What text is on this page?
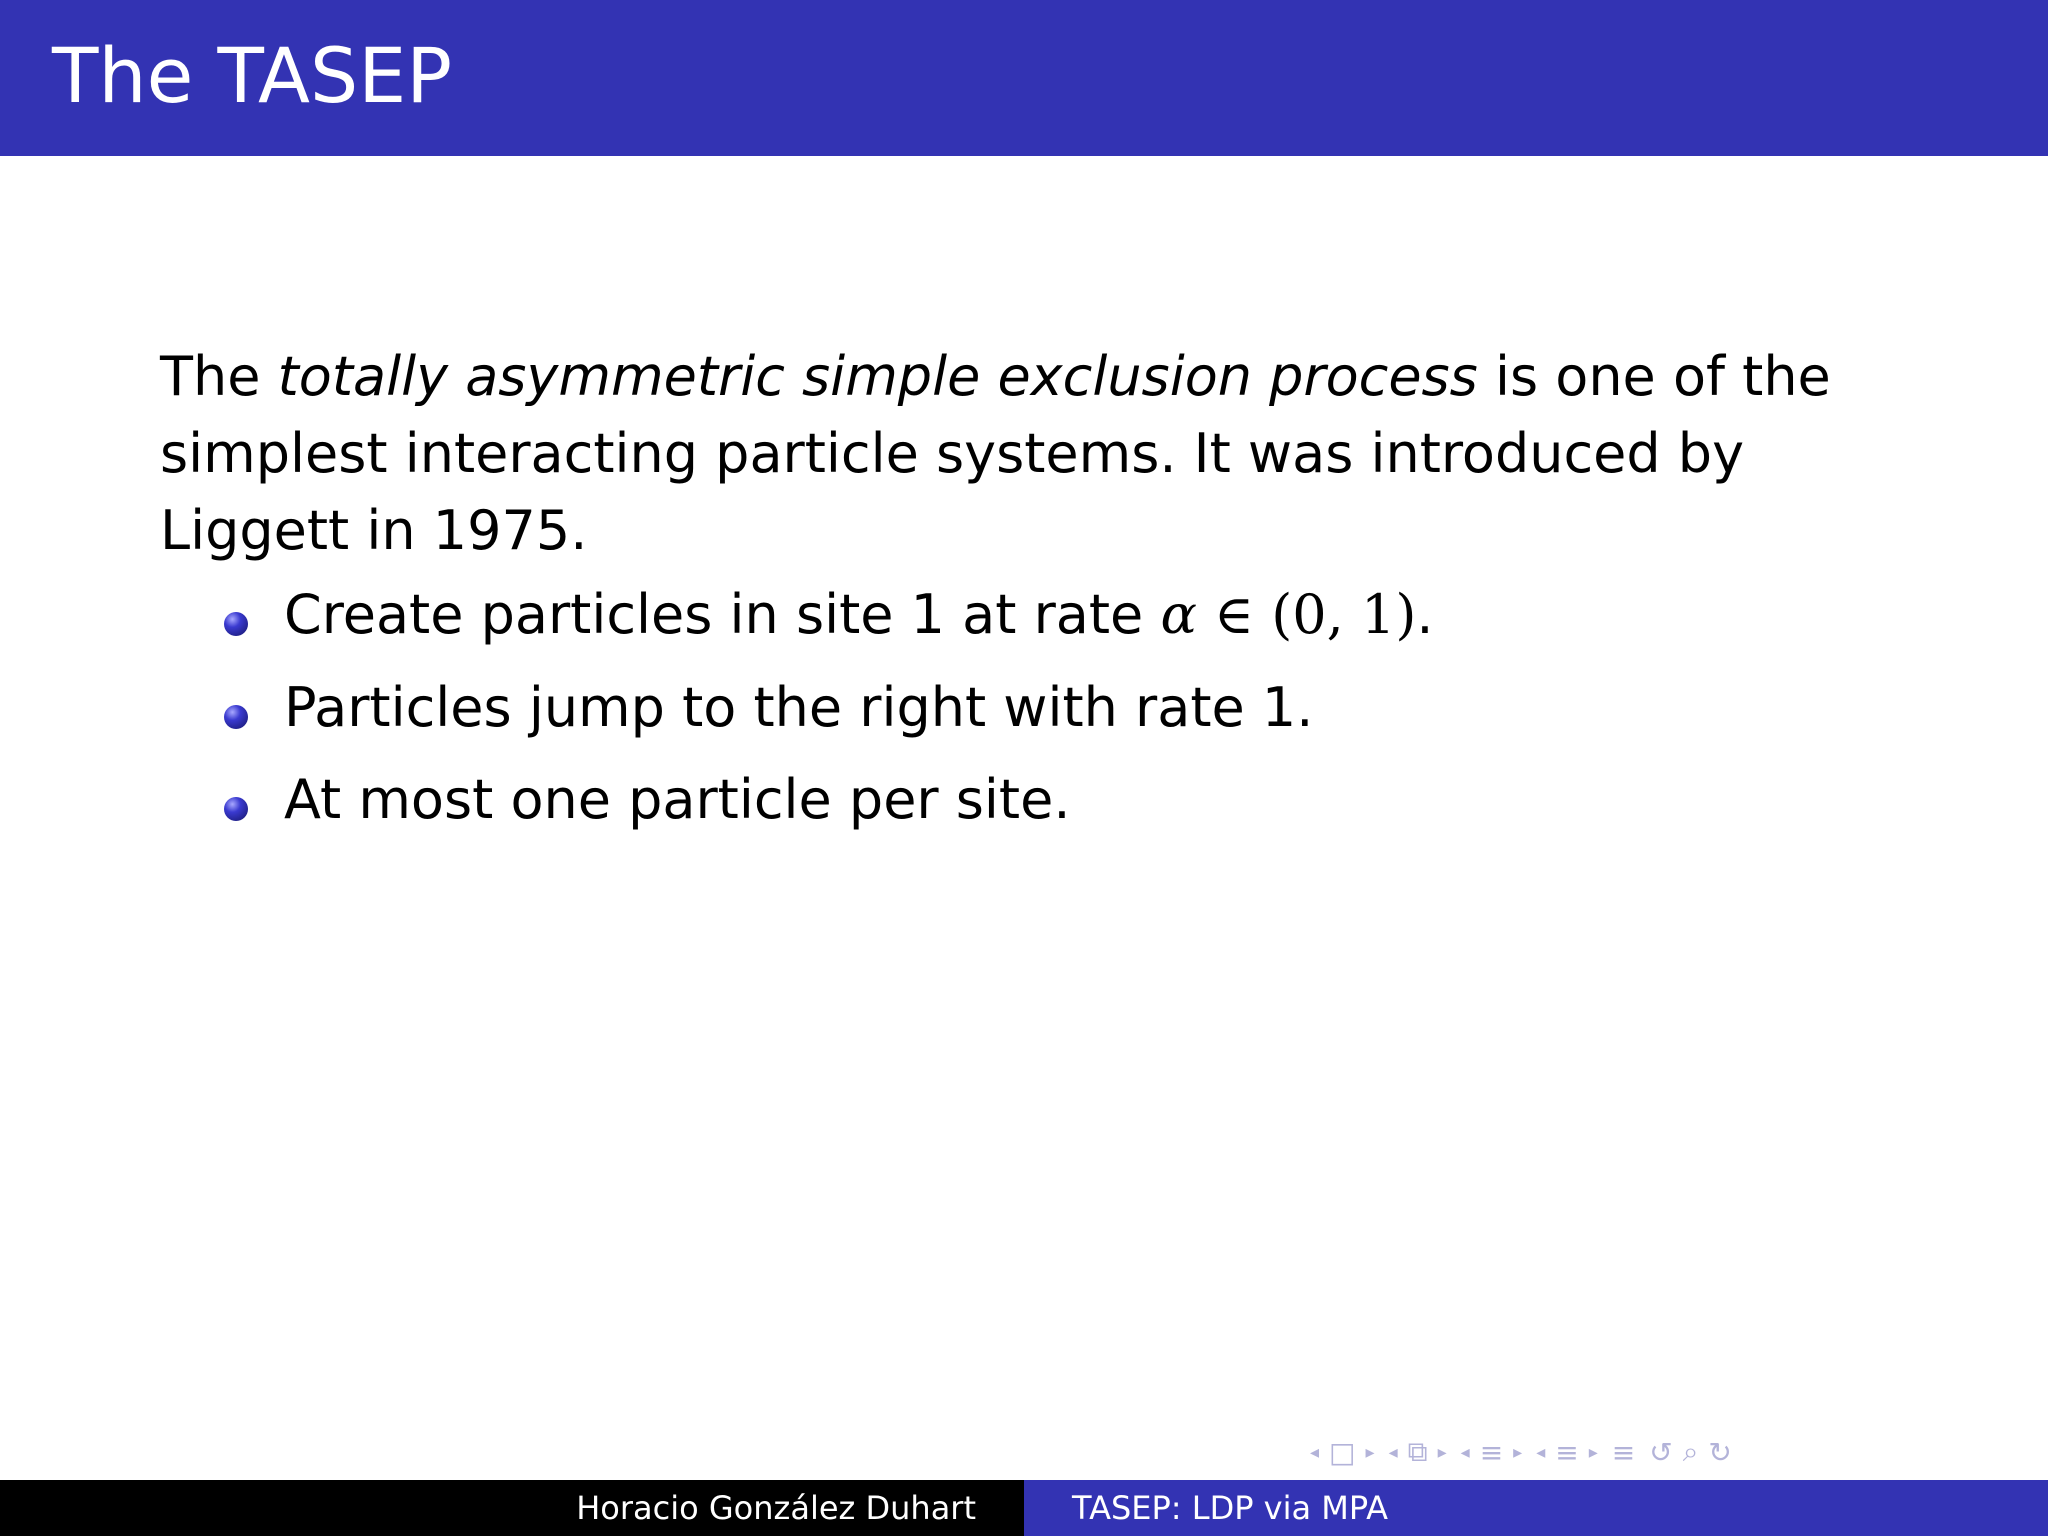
The TASEP

The totally asymmetric simple exclusion process is one of the simplest interacting particle systems. It was introduced by Liggett in 1975.

Create particles in site 1 at rate α ∈ (0, 1).
Particles jump to the right with rate 1.
At most one particle per site.
◂ □ ▸ ◂ ⧉ ▸ ◂ ≡ ▸ ◂ ≡ ▸ ≡ ↺ ⌕ ↻
Horacio González Duhart	TASEP: LDP via MPA
